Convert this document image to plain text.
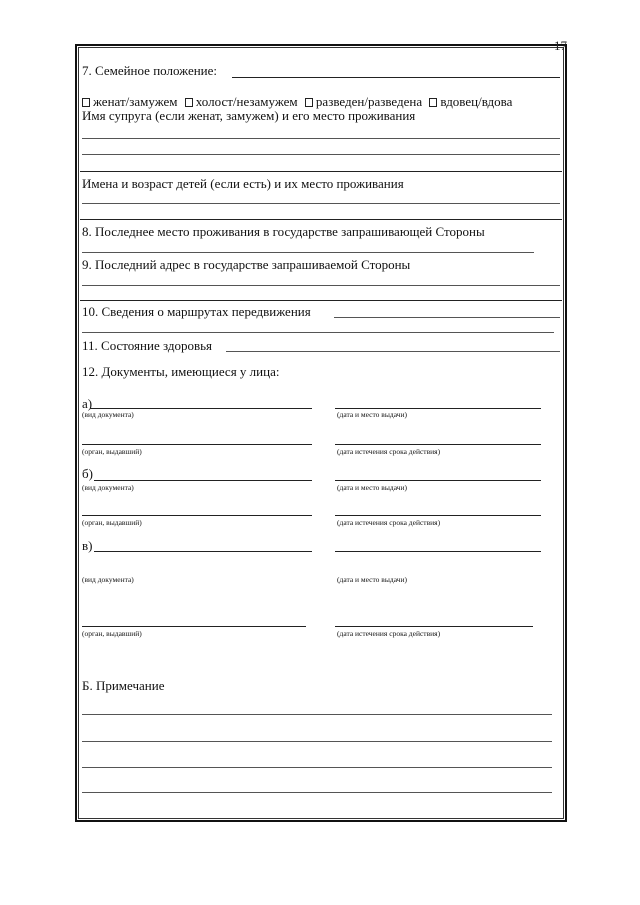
17
7. Семейное положение:
женат/замужем холост/незамужем разведен/разведена вдовец/вдова
Имя супруга (если женат, замужем) и его место проживания
Имена и возраст детей (если есть) и их место проживания
8. Последнее место проживания в государстве запрашивающей Стороны
9. Последний адрес в государстве запрашиваемой Стороны
10. Сведения о маршрутах передвижения
11. Состояние здоровья
12. Документы, имеющиеся у лица:
а)
(вид документа)	(дата и место выдачи)
(орган, выдавший)	(дата истечения срока действия)
б)
(вид документа)	(дата и место выдачи)
(орган, выдавший)	(дата истечения срока действия)
в)
(вид документа)	(дата и место выдачи)
(орган, выдавший)	(дата истечения срока действия)
Б. Примечание
